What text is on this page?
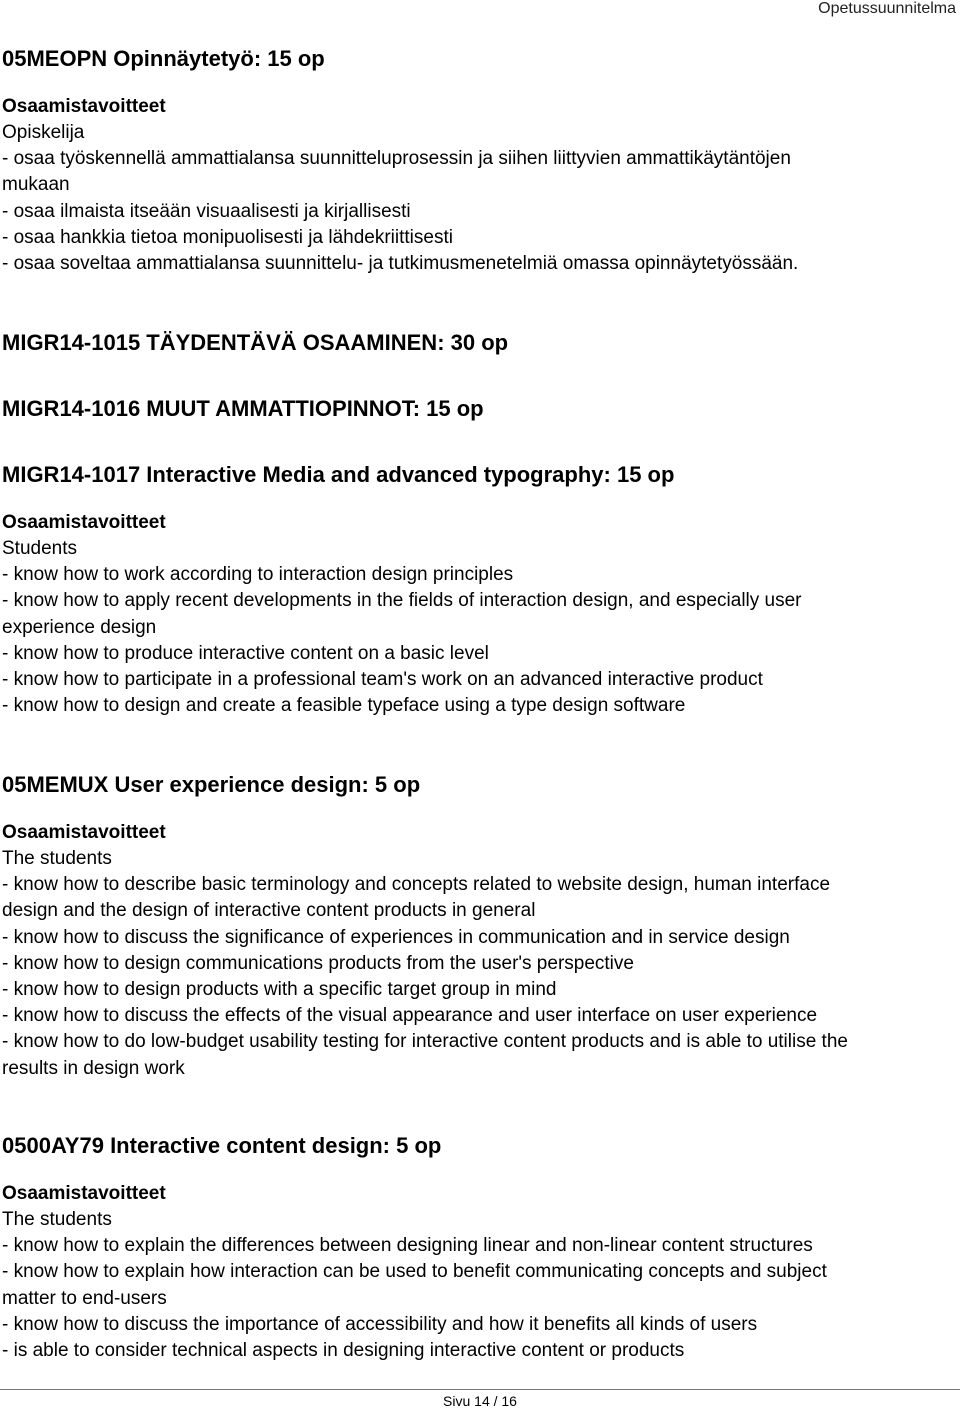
Opetussuunnitelma
05MEOPN Opinnäytetyö: 15 op
Osaamistavoitteet
Opiskelija
- osaa työskennellä ammattialansa suunnitteluprosessin ja siihen liittyvien ammattikäytäntöjen
mukaan
- osaa ilmaista itseään visuaalisesti ja kirjallisesti
- osaa hankkia tietoa monipuolisesti ja lähdekriittisesti
- osaa soveltaa ammattialansa suunnittelu- ja tutkimusmenetelmiä omassa opinnäytetyössään.
MIGR14-1015 TÄYDENTÄVÄ OSAAMINEN: 30 op
MIGR14-1016 MUUT AMMATTIOPINNOT: 15 op
MIGR14-1017 Interactive Media and advanced typography: 15 op
Osaamistavoitteet
Students
- know how to work according to interaction design principles
- know how to apply recent developments in the fields of interaction design, and especially user
experience design
- know how to produce interactive content on a basic level
- know how to participate in a professional team's work on an advanced interactive product
- know how to design and create a feasible typeface using a type design software
05MEMUX User experience design: 5 op
Osaamistavoitteet
The students
- know how to describe basic terminology and concepts related to website design, human interface
design and the design of interactive content products in general
- know how to discuss the significance of experiences in communication and in service design
- know how to design communications products from the user's perspective
- know how to design products with a specific target group in mind
- know how to discuss the effects of the visual appearance and user interface on user experience
- know how to do low-budget usability testing for interactive content products and is able to utilise the
results in design work
0500AY79 Interactive content design: 5 op
Osaamistavoitteet
The students
- know how to explain the differences between designing linear and non-linear content structures
- know how to explain how interaction can be used to benefit communicating concepts and subject
matter to end-users
- know how to discuss the importance of accessibility and how it benefits all kinds of users
- is able to consider technical aspects in designing interactive content or products
Sivu 14 / 16
